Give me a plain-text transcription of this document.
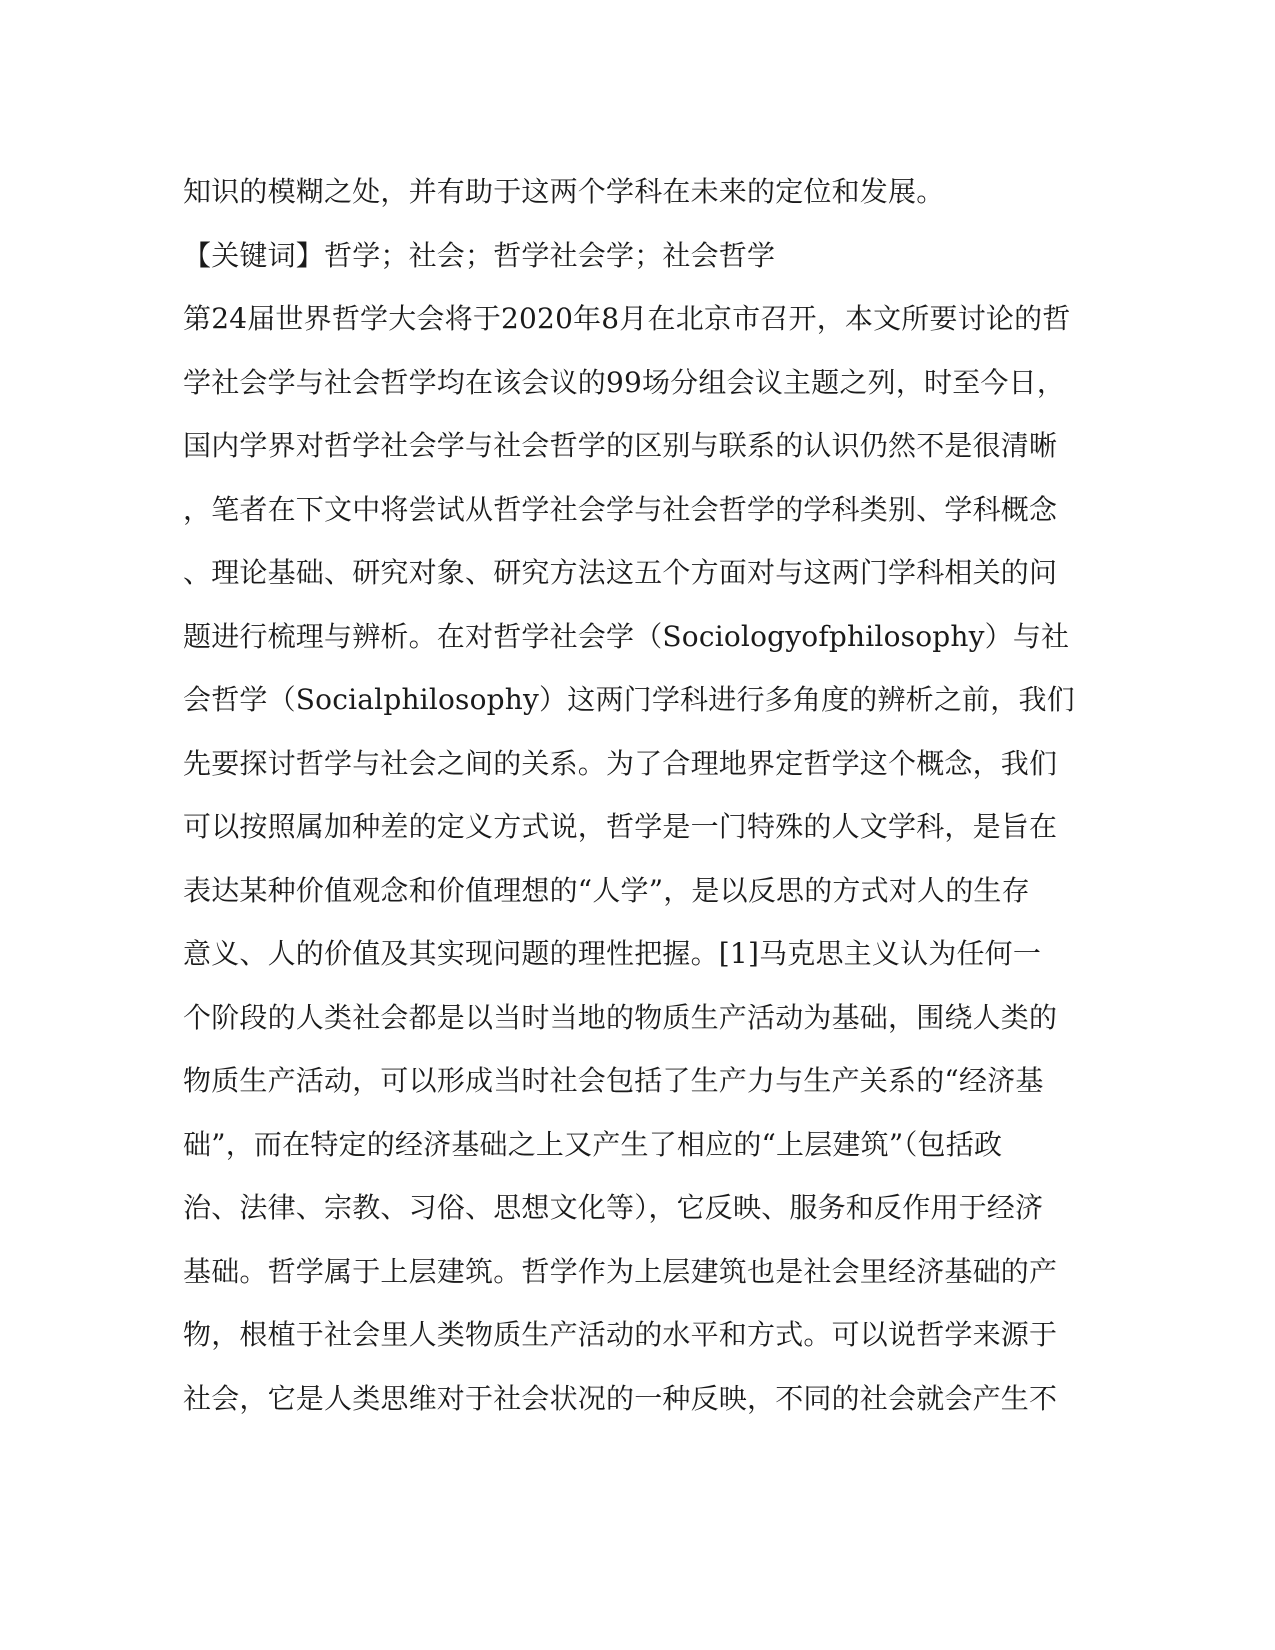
知识的模糊之处，并有助于这两个学科在未来的定位和发展。
【关键词】哲学；社会；哲学社会学；社会哲学
第24届世界哲学大会将于2020年8月在北京市召开，本文所要讨论的哲
学社会学与社会哲学均在该会议的99场分组会议主题之列，时至今日，
国内学界对哲学社会学与社会哲学的区别与联系的认识仍然不是很清晰
，笔者在下文中将尝试从哲学社会学与社会哲学的学科类别、学科概念
、理论基础、研究对象、研究方法这五个方面对与这两门学科相关的问
题进行梳理与辨析。在对哲学社会学（Sociologyofphilosophy）与社
会哲学（Socialphilosophy）这两门学科进行多角度的辨析之前，我们
先要探讨哲学与社会之间的关系。为了合理地界定哲学这个概念，我们
可以按照属加种差的定义方式说，哲学是一门特殊的人文学科，是旨在
表达某种价值观念和价值理想的“人学”，是以反思的方式对人的生存
意义、人的价值及其实现问题的理性把握。[1]马克思主义认为任何一
个阶段的人类社会都是以当时当地的物质生产活动为基础，围绕人类的
物质生产活动，可以形成当时社会包括了生产力与生产关系的“经济基
础”，而在特定的经济基础之上又产生了相应的“上层建筑”（包括政
治、法律、宗教、习俗、思想文化等），它反映、服务和反作用于经济
基础。哲学属于上层建筑。哲学作为上层建筑也是社会里经济基础的产
物，根植于社会里人类物质生产活动的水平和方式。可以说哲学来源于
社会，它是人类思维对于社会状况的一种反映，不同的社会就会产生不
